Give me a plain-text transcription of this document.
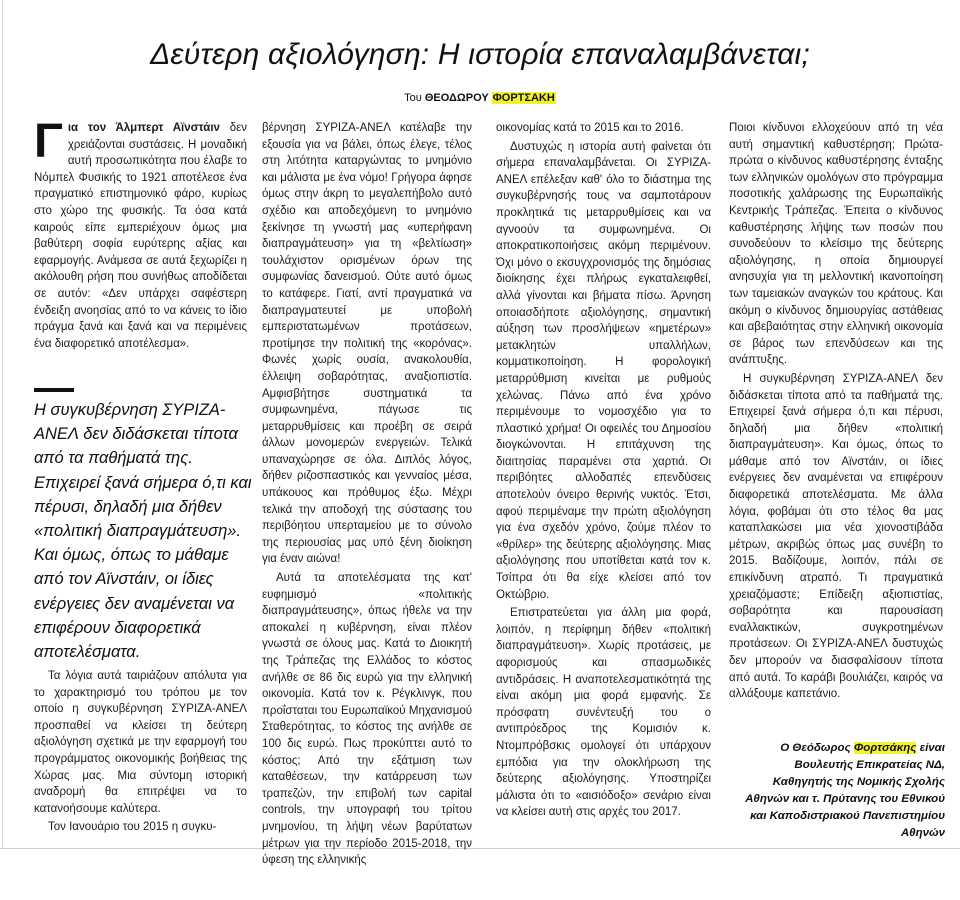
Δεύτερη αξιολόγηση: Η ιστορία επαναλαμβάνεται;
Του ΘΕΟΔΩΡΟΥ ΦΟΡΤΣΑΚΗ

Για τον Άλμπερτ Αϊνστάιν δεν χρειάζονται συστάσεις. Η μοναδική αυτή προσωπικότητα που έλαβε το Νόμπελ Φυσικής το 1921 αποτέλεσε ένα πραγματικό επιστημονικό φάρο, κυρίως στο χώρο της φυσικής. Τα όσα κατά καιρούς είπε εμπεριέχουν όμως μια βαθύτερη σοφία ευρύτερης αξίας και εφαρμογής. Ανάμεσα σε αυτά ξεχωρίζει η ακόλουθη ρήση που συνήθως αποδίδεται σε αυτόν: «Δεν υπάρχει σαφέστερη ένδειξη ανοησίας από το να κάνεις το ίδιο πράγμα ξανά και ξανά και να περιμένεις ένα διαφορετικό αποτέλεσμα».

Η συγκυβέρνηση ΣΥΡΙΖΑ-ΑΝΕΛ δεν διδάσκεται τίποτα από τα παθήματά της. Επιχειρεί ξανά σήμερα ό,τι και πέρυσι, δηλαδή μια δήθεν «πολιτική διαπραγμάτευση». Και όμως, όπως το μάθαμε από τον Αϊνστάιν, οι ίδιες ενέργειες δεν αναμένεται να επιφέρουν διαφορετικά αποτελέσματα.

Τα λόγια αυτά ταιριάζουν απόλυτα για το χαρακτηρισμό του τρόπου με τον οποίο η συγκυβέρνηση ΣΥΡΙΖΑ-ΑΝΕΛ προσπαθεί να κλείσει τη δεύτερη αξιολόγηση σχετικά με την εφαρμογή του προγράμματος οικονομικής βοήθειας της Χώρας μας. Μια σύντομη ιστορική αναδρομή θα επιτρέψει να το κατανοήσουμε καλύτερα.

Τον Ιανουάριο του 2015 η συγκυ-

βέρνηση ΣΥΡΙΖΑ-ΑΝΕΛ κατέλαβε την εξουσία για να βάλει, όπως έλεγε, τέλος στη λιτότητα καταργώντας το μνημόνιο και μάλιστα με ένα νόμο! Γρήγορα άφησε όμως στην άκρη το μεγαλεπήβολο αυτό σχέδιο και αποδεχόμενη το μνημόνιο ξεκίνησε τη γνωστή μας «υπερήφανη διαπραγμάτευση» για τη «βελτίωση» τουλάχιστον ορισμένων όρων της συμφωνίας δανεισμού. Ούτε αυτό όμως το κατάφερε. Γιατί, αντί πραγματικά να διαπραγματευτεί με υποβολή εμπεριστατωμένων προτάσεων, προτίμησε την πολιτική της «κορόνας». Φωνές χωρίς ουσία, ανακολουθία, έλλειψη σοβαρότητας, αναξιοπιστία. Αμφισβήτησε συστηματικά τα συμφωνημένα, πάγωσε τις μεταρρυθμίσεις και προέβη σε σειρά άλλων μονομερών ενεργειών. Τελικά υπαναχώρησε σε όλα. Διπλός λόγος, δήθεν ριζοσπαστικός και γενναίος μέσα, υπάκουος και πρόθυμος έξω. Μέχρι τελικά την αποδοχή της σύστασης του περιβόητου υπερταμείου με το σύνολο της περιουσίας μας υπό ξένη διοίκηση για έναν αιώνα!

Αυτά τα αποτελέσματα της κατ' ευφημισμό «πολιτικής διαπραγμάτευσης», όπως ήθελε να την αποκαλεί η κυβέρνηση, είναι πλέον γνωστά σε όλους μας. Κατά το Διοικητή της Τράπεζας της Ελλάδος το κόστος ανήλθε σε 86 δις ευρώ για την ελληνική οικονομία. Κατά τον κ. Ρέγκλινγκ, που προΐσταται του Ευρωπαϊκού Μηχανισμού Σταθερότητας, το κόστος της ανήλθε σε 100 δις ευρώ. Πως προκύπτει αυτό το κόστος; Από την εξάτμιση των καταθέσεων, την κατάρρευση των τραπεζών, την επιβολή των capital controls, την υπογραφή του τρίτου μνημονίου, τη λήψη νέων βαρύτατων μέτρων για την περίοδο 2015-2018, την ύφεση της ελληνικής

οικονομίας κατά το 2015 και το 2016.

Δυστυχώς η ιστορία αυτή φαίνεται ότι σήμερα επαναλαμβάνεται. Οι ΣΥΡΙΖΑ-ΑΝΕΛ επέλεξαν καθ' όλο το διάστημα της συγκυβέρνησής τους να σαμποτάρουν προκλητικά τις μεταρρυθμίσεις και να αγνοούν τα συμφωνημένα. Οι αποκρατικοποιήσεις ακόμη περιμένουν. Όχι μόνο ο εκσυγχρονισμός της δημόσιας διοίκησης έχει πλήρως εγκαταλειφθεί, αλλά γίνονται και βήματα πίσω. Άρνηση οποιασδήποτε αξιολόγησης, σημαντική αύξηση των προσλήψεων «ημετέρων» μετακλητών υπαλλήλων, κομματικοποίηση. Η φορολογική μεταρρύθμιση κινείται με ρυθμούς χελώνας. Πάνω από ένα χρόνο περιμένουμε το νομοσχέδιο για το πλαστικό χρήμα! Οι οφειλές του Δημοσίου διογκώνονται. Η επιτάχυνση της διαιτησίας παραμένει στα χαρτιά. Οι περιβόητες αλλοδαπές επενδύσεις αποτελούν όνειρο θερινής νυκτός. Έτσι, αφού περιμέναμε την πρώτη αξιολόγηση για ένα σχεδόν χρόνο, ζούμε πλέον το «θρίλερ» της δεύτερης αξιολόγησης. Μιας αξιολόγησης που υποτίθεται κατά τον κ. Τσίπρα ότι θα είχε κλείσει από τον Οκτώβριο.

Επιστρατεύεται για άλλη μια φορά, λοιπόν, η περίφημη δήθεν «πολιτική διαπραγμάτευση». Χωρίς προτάσεις, με αφορισμούς και σπασμωδικές αντιδράσεις. Η αναποτελεσματικότητά της είναι ακόμη μια φορά εμφανής. Σε πρόσφατη συνέντευξή του ο αντιπρόεδρος της Κομισιόν κ. Ντομπρόβσκις ομολογεί ότι υπάρχουν εμπόδια για την ολοκλήρωση της δεύτερης αξιολόγησης. Υποστηρίζει μάλιστα ότι το «αισιόδοξο» σενάριο είναι να κλείσει αυτή στις αρχές του 2017.

Ποιοι κίνδυνοι ελλοχεύουν από τη νέα αυτή σημαντική καθυστέρηση; Πρώτα-πρώτα ο κίνδυνος καθυστέρησης ένταξης των ελληνικών ομολόγων στο πρόγραμμα ποσοτικής χαλάρωσης της Ευρωπαϊκής Κεντρικής Τράπεζας. Έπειτα ο κίνδυνος καθυστέρησης λήψης των ποσών που συνοδεύουν το κλείσιμο της δεύτερης αξιολόγησης, η οποία δημιουργεί ανησυχία για τη μελλοντική ικανοποίηση των ταμειακών αναγκών του κράτους. Και ακόμη ο κίνδυνος δημιουργίας αστάθειας και αβεβαιότητας στην ελληνική οικονομία σε βάρος των επενδύσεων και της ανάπτυξης.

Η συγκυβέρνηση ΣΥΡΙΖΑ-ΑΝΕΛ δεν διδάσκεται τίποτα από τα παθήματά της. Επιχειρεί ξανά σήμερα ό,τι και πέρυσι, δηλαδή μια δήθεν «πολιτική διαπραγμάτευση». Και όμως, όπως το μάθαμε από τον Αϊνστάιν, οι ίδιες ενέργειες δεν αναμένεται να επιφέρουν διαφορετικά αποτελέσματα. Με άλλα λόγια, φοβάμαι ότι στο τέλος θα μας καταπλακώσει μια νέα χιονοστιβάδα μέτρων, ακριβώς όπως μας συνέβη το 2015. Βαδίζουμε, λοιπόν, πάλι σε επικίνδυνη ατραπό. Τι πραγματικά χρειαζόμαστε; Επίδειξη αξιοπιστίας, σοβαρότητα και παρουσίαση εναλλακτικών, συγκροτημένων προτάσεων. Οι ΣΥΡΙΖΑ-ΑΝΕΛ δυστυχώς δεν μπορούν να διασφαλίσουν τίποτα από αυτά. Το καράβι βουλιάζει, καιρός να αλλάξουμε καπετάνιο.

Ο Θεόδωρος Φορτσάκης είναι Βουλευτής Επικρατείας ΝΔ, Καθηγητής της Νομικής Σχολής Αθηνών και τ. Πρύτανης του Εθνικού και Καποδιστριακού Πανεπιστημίου Αθηνών
